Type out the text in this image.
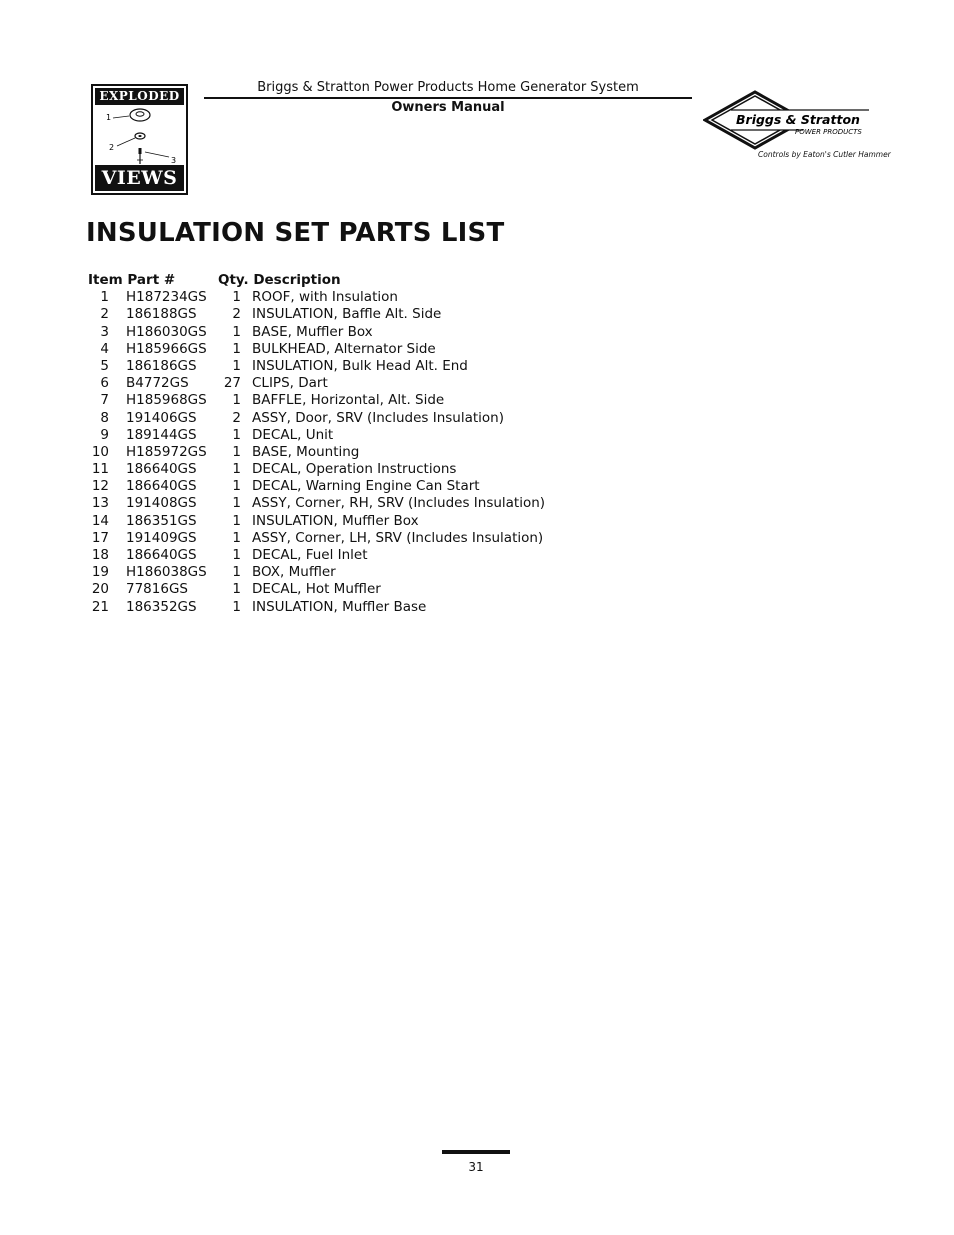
EXPLODED
1
2
3
VIEWS
Briggs & Stratton Power Products Home Generator System
Owners Manual
Briggs & Stratton
POWER PRODUCTS
Controls by Eaton's Cutler Hammer
INSULATION SET PARTS LIST
Item Part #	Qty. Description
1 H187234GS	1 ROOF, with Insulation
2 186188GS	2 INSULATION, Baffle Alt. Side
3 H186030GS	1 BASE, Muffler Box
4 H185966GS	1 BULKHEAD, Alternator Side
5 186186GS	1 INSULATION, Bulk Head Alt. End
6 B4772GS	27 CLIPS, Dart
7 H185968GS	1 BAFFLE, Horizontal, Alt. Side
8 191406GS	2 ASSY, Door, SRV (Includes Insulation)
9 189144GS	1 DECAL, Unit
10 H185972GS	1 BASE, Mounting
11 186640GS	1 DECAL, Operation Instructions
12 186640GS	1 DECAL, Warning Engine Can Start
13 191408GS	1 ASSY, Corner, RH, SRV (Includes Insulation)
14 186351GS	1 INSULATION, Muffler Box
17 191409GS	1 ASSY, Corner, LH, SRV (Includes Insulation)
18 186640GS	1 DECAL, Fuel Inlet
19 H186038GS	1 BOX, Muffler
20 77816GS	1 DECAL, Hot Muffler
21 186352GS	1 INSULATION, Muffler Base
31
